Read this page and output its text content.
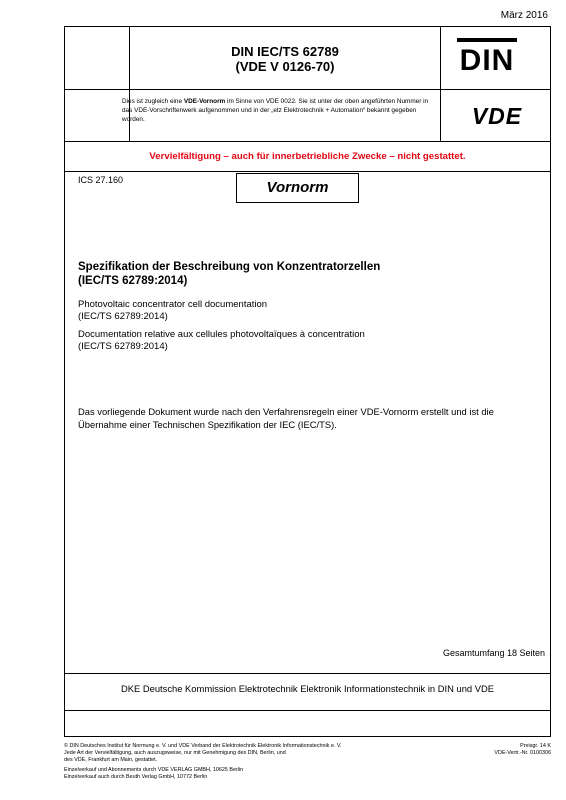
März 2016
DIN IEC/TS 62789
(VDE V 0126-70)	DIN
Dies ist zugleich eine VDE-Vornorm im Sinne von VDE 0022. Sie ist unter der oben angeführten Nummer in das VDE-Vorschriftenwerk aufgenommen und in der „etz Elektrotechnik + Automation“ bekannt gegeben worden.	VDE
Vervielfältigung – auch für innerbetriebliche Zwecke – nicht gestattet.
ICS 27.160	Vornorm
Spezifikation der Beschreibung von Konzentratorzellen
(IEC/TS 62789:2014)
Photovoltaic concentrator cell documentation
(IEC/TS 62789:2014)
Documentation relative aux cellules photovoltaïques à concentration
(IEC/TS 62789:2014)
Das vorliegende Dokument wurde nach den Verfahrensregeln einer VDE-Vornorm erstellt und ist die Übernahme einer Technischen Spezifikation der IEC (IEC/TS).
Gesamtumfang 18 Seiten
DKE Deutsche Kommission Elektrotechnik Elektronik Informationstechnik in DIN und VDE
© DIN Deutsches Institut für Normung e. V. und VDE Verband der Elektrotechnik Elektronik Informationstechnik e. V.
Jede Art der Vervielfältigung, auch auszugsweise, nur mit Genehmigung des DIN, Berlin, und
des VDE, Frankfurt am Main, gestattet.
Einzelverkauf und Abonnements durch VDE VERLAG GMBH, 10625 Berlin
Einzelverkauf auch durch Beuth Verlag GmbH, 10772 Berlin
Preisgr. 14 K
VDE-Vertr.-Nr. 0100306
